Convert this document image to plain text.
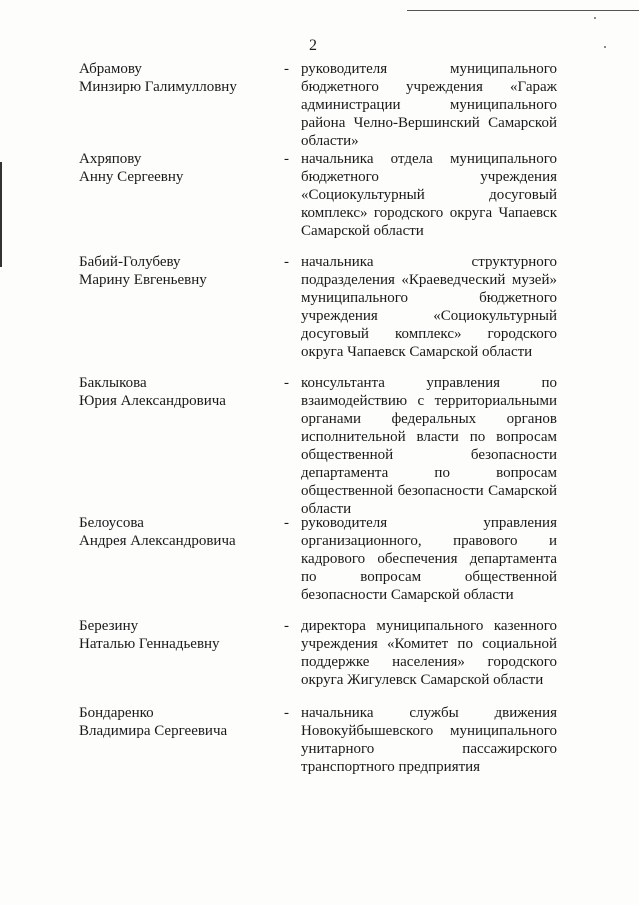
2
Абрамову
Минзирю Галимулловну
- руководителя муниципального бюджетного учреждения «Гараж администрации муниципального района Челно-Вершинский Самарской области»
Ахряпову
Анну Сергеевну
- начальника отдела муниципального бюджетного учреждения «Социокультурный досуговый комплекс» городского округа Чапаевск Самарской области
Бабий-Голубеву
Марину Евгеньевну
- начальника структурного подразделения «Краеведческий музей» муниципального бюджетного учреждения «Социокультурный досуговый комплекс» городского округа Чапаевск Самарской области
Баклыкова
Юрия Александровича
- консультанта управления по взаимодействию с территориальными органами федеральных органов исполнительной власти по вопросам общественной безопасности департамента по вопросам общественной безопасности Самарской области
Белоусова
Андрея Александровича
- руководителя управления организационного, правового и кадрового обеспечения департамента по вопросам общественной безопасности Самарской области
Березину
Наталью Геннадьевну
- директора муниципального казенного учреждения «Комитет по социальной поддержке населения» городского округа Жигулевск Самарской области
Бондаренко
Владимира Сергеевича
- начальника службы движения Новокуйбышевского муниципального унитарного пассажирского транспортного предприятия
